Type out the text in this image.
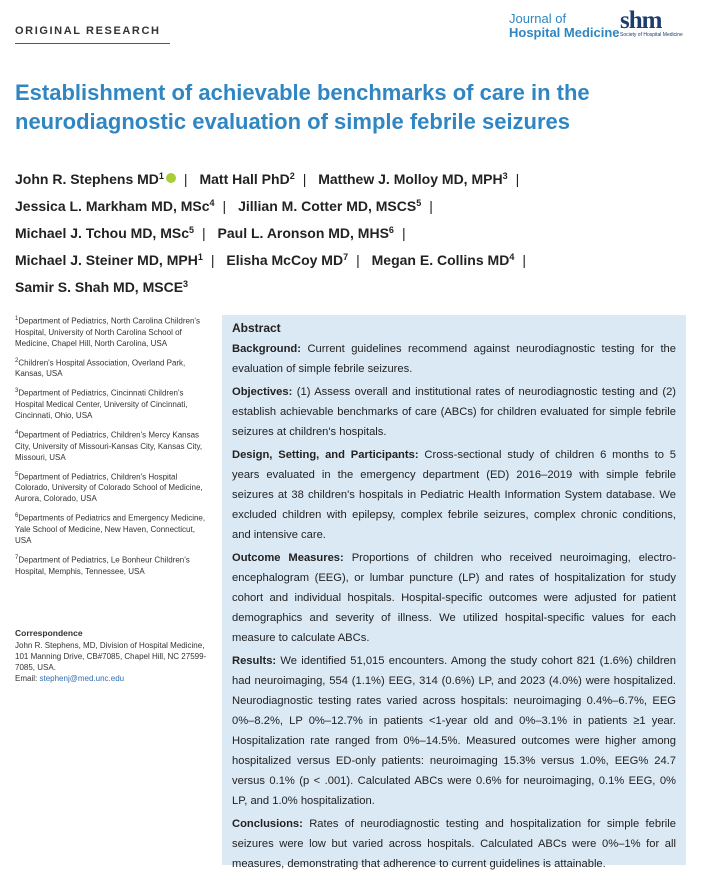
ORIGINAL RESEARCH
Journal of
Hospital Medicine shm
Society of Hospital Medicine
Establishment of achievable benchmarks of care in the neurodiagnostic evaluation of simple febrile seizures
John R. Stephens $MD^1$ | Matt Hall PhD$^2$ | Matthew J. Molloy MD, MPH$^3$ |
Jessica L. Markham MD, MSc$^4$ | Jillian M. Cotter MD, MSCS$^5$ |
Michael J. Tchou MD, MSc$^5$ | Paul L. Aronson MD, MHS$^6$ |
Michael J. Steiner MD, MPH$^1$ | Elisha McCoy $MD^7$ | Megan E. Collins $MD^4$ |
Samir S. Shah MD, MSCE$^3$

$^1$Department of Pediatrics, North Carolina Children's Hospital, University of North Carolina School of Medicine, Chapel Hill, North Carolina, USA

$^2$Children's Hospital Association, Overland Park, Kansas, USA

$^3$Department of Pediatrics, Cincinnati Children's Hospital Medical Center, University of Cincinnati, Cincinnati, Ohio, USA

$^4$Department of Pediatrics, Children's Mercy Kansas City, University of Missouri-Kansas City, Kansas City, Missouri, USA

$^5$Department of Pediatrics, Children's Hospital Colorado, University of Colorado School of Medicine, Aurora, Colorado, USA

$^6$Departments of Pediatrics and Emergency Medicine, Yale School of Medicine, New Haven, Connecticut, USA

$^7$Department of Pediatrics, Le Bonheur Children's Hospital, Memphis, Tennessee, USA

Correspondence
John R. Stephens, MD, Division of Hospital Medicine, 101 Manning Drive, CB#7085, Chapel Hill, NC 27599-7085, USA.
Email: stephenj@med.unc.edu
Abstract

Background: Current guidelines recommend against neurodiagnostic testing for the evaluation of simple febrile seizures.

Objectives: (1) Assess overall and institutional rates of neurodiagnostic testing and (2) establish achievable benchmarks of care (ABCs) for children evaluated for simple febrile seizures at children's hospitals.

Design, Setting, and Participants: Cross-sectional study of children 6 months to 5 years evaluated in the emergency department (ED) 2016–2019 with simple febrile seizures at 38 children's hospitals in Pediatric Health Information System database. We excluded children with epilepsy, complex febrile seizures, complex chronic conditions, and intensive care.

Outcome Measures: Proportions of children who received neuroimaging, electro-encephalogram (EEG), or lumbar puncture (LP) and rates of hospitalization for study cohort and individual hospitals. Hospital-specific outcomes were adjusted for patient demographics and severity of illness. We utilized hospital-specific values for each measure to calculate ABCs.

Results: We identified 51,015 encounters. Among the study cohort 821 (1.6%) children had neuroimaging, 554 (1.1%) EEG, 314 (0.6%) LP, and 2023 (4.0%) were hospitalized. Neurodiagnostic testing rates varied across hospitals: neuroimaging 0.4%–6.7%, EEG 0%–8.2%, LP 0%–12.7% in patients <1-year old and 0%–3.1% in patients ≥1 year. Hospitalization rate ranged from 0%–14.5%. Measured outcomes were higher among hospitalized versus ED-only patients: neuroimaging 15.3% versus 1.0%, EEG% 24.7 versus 0.1% (p < .001). Calculated ABCs were 0.6% for neuroimaging, 0.1% EEG, 0% LP, and 1.0% hospitalization.

Conclusions: Rates of neurodiagnostic testing and hospitalization for simple febrile seizures were low but varied across hospitals. Calculated ABCs were 0%–1% for all measures, demonstrating that adherence to current guidelines is attainable.
